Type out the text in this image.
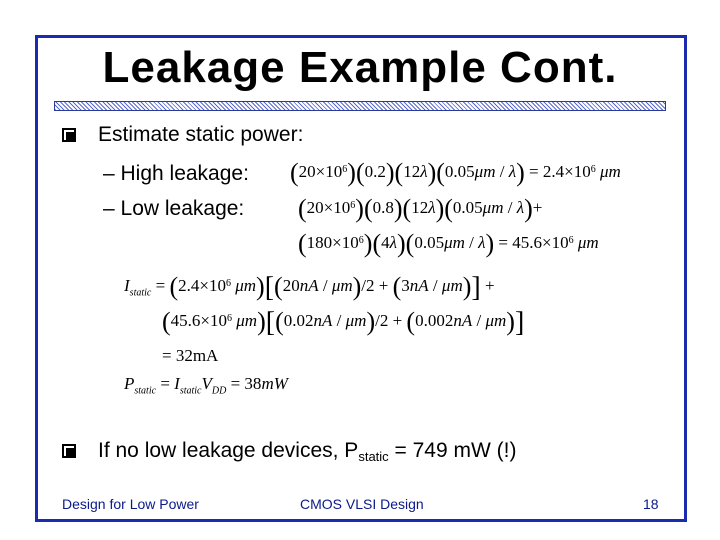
Leakage Example Cont.
Estimate static power:
– High leakage:
– Low leakage:
$(20\times 10^6)(0.2)(12\lambda)(0.05\mu m / \lambda) = 2.4\times 10^6$ μm
$(20\times 10^6)(0.8)(12\lambda)(0.05\mu m / \lambda)+$
$(180\times 10^6)(4\lambda)(0.05\mu m / \lambda) = 45.6\times 10^6$ μm
$I_{static} = (2.4\times 10^6$ μm)[(20nA / μm)/2 + (3nA / μm)] +
($45.6\times 10^6$ μm)[(0.02nA / μm)/2 + (0.002nA / μm)]
= 32mA
$P_{static} = I_{static}V_{DD} = 38mW$
If no low leakage devices, Pstatic = 749 mW (!)
Design for Low Power	CMOS VLSI Design	18
